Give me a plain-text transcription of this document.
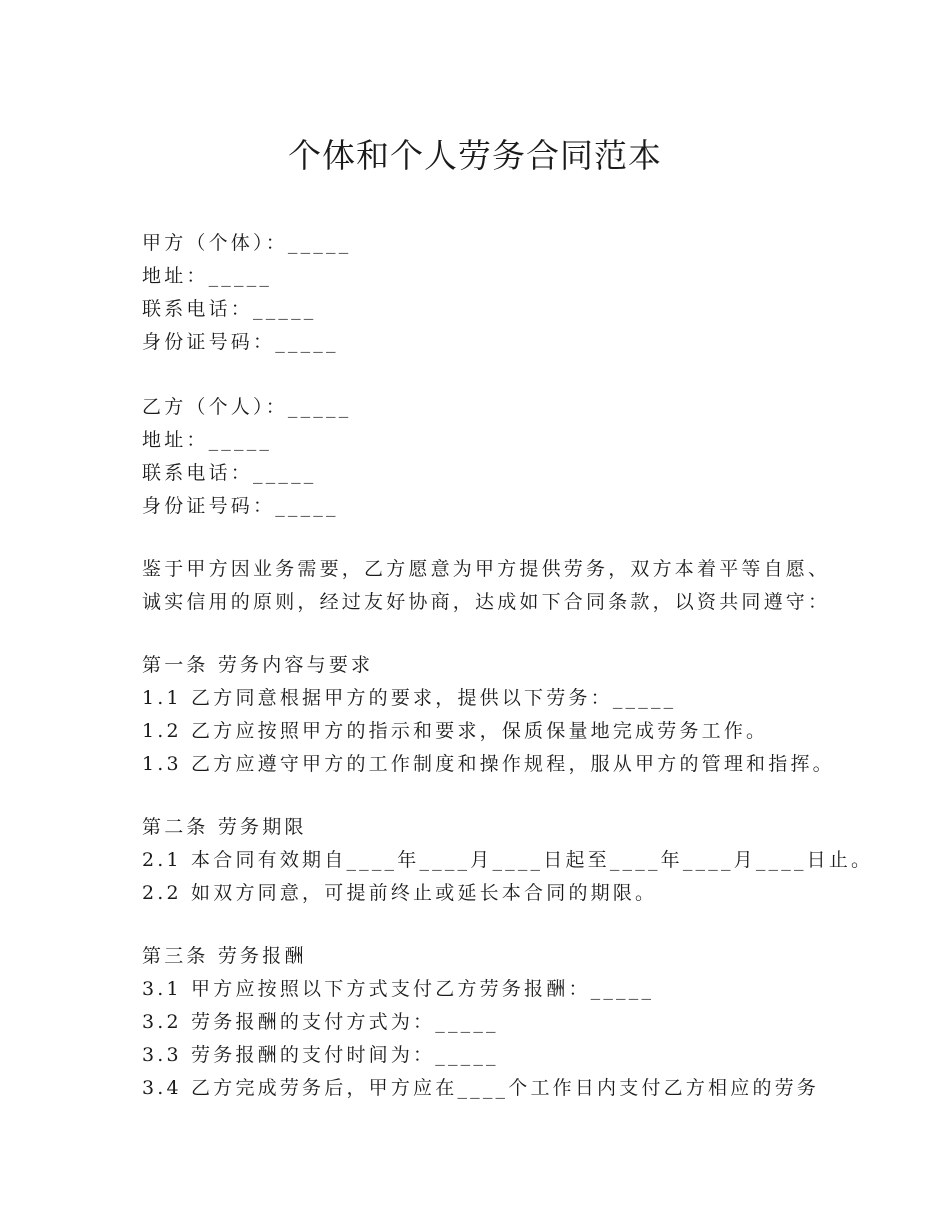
个体和个人劳务合同范本
甲方（个体）：_____
地址：_____
联系电话：_____
身份证号码：_____
乙方（个人）：_____
地址：_____
联系电话：_____
身份证号码：_____
鉴于甲方因业务需要，乙方愿意为甲方提供劳务，双方本着平等自愿、
诚实信用的原则，经过友好协商，达成如下合同条款，以资共同遵守：
第一条 劳务内容与要求
1.1 乙方同意根据甲方的要求，提供以下劳务：_____
1.2 乙方应按照甲方的指示和要求，保质保量地完成劳务工作。
1.3 乙方应遵守甲方的工作制度和操作规程，服从甲方的管理和指挥。
第二条 劳务期限
2.1 本合同有效期自____年____月____日起至____年____月____日止。
2.2 如双方同意，可提前终止或延长本合同的期限。
第三条 劳务报酬
3.1 甲方应按照以下方式支付乙方劳务报酬：_____
3.2 劳务报酬的支付方式为：_____
3.3 劳务报酬的支付时间为：_____
3.4 乙方完成劳务后，甲方应在____个工作日内支付乙方相应的劳务
